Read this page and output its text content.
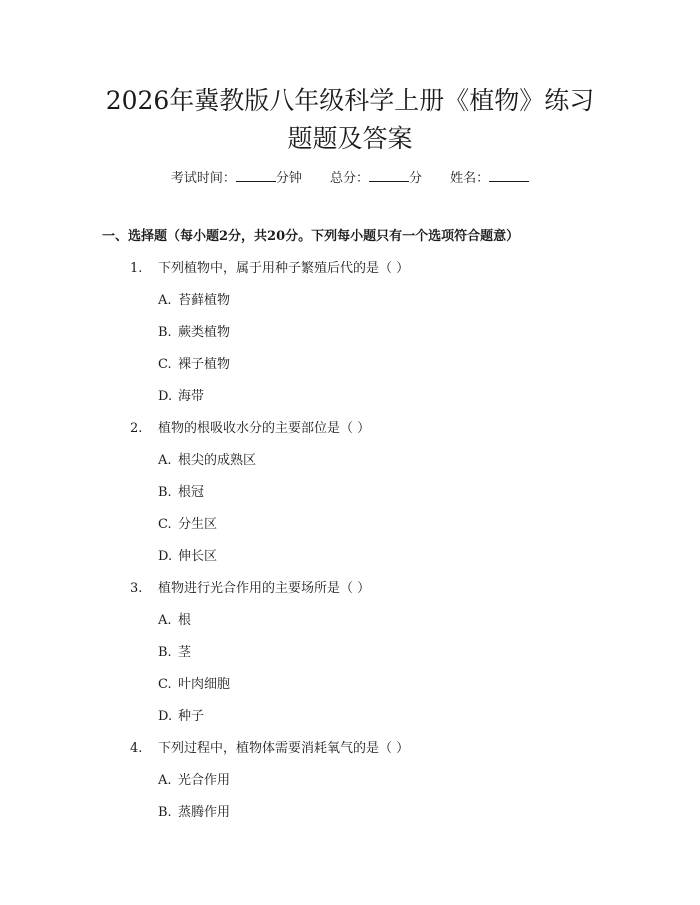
2026年冀教版八年级科学上册《植物》练习
题题及答案
考试时间：	分钟 总分：	分 姓名：
一、选择题（每小题2分，共20分。下列每小题只有一个选项符合题意）
1. 下列植物中，属于用种子繁殖后代的是（ ）
A. 苔藓植物
B. 蕨类植物
C. 裸子植物
D. 海带
2. 植物的根吸收水分的主要部位是（ ）
A. 根尖的成熟区
B. 根冠
C. 分生区
D. 伸长区
3. 植物进行光合作用的主要场所是（ ）
A. 根
B. 茎
C. 叶肉细胞
D. 种子
4. 下列过程中，植物体需要消耗氧气的是（ ）
A. 光合作用
B. 蒸腾作用
